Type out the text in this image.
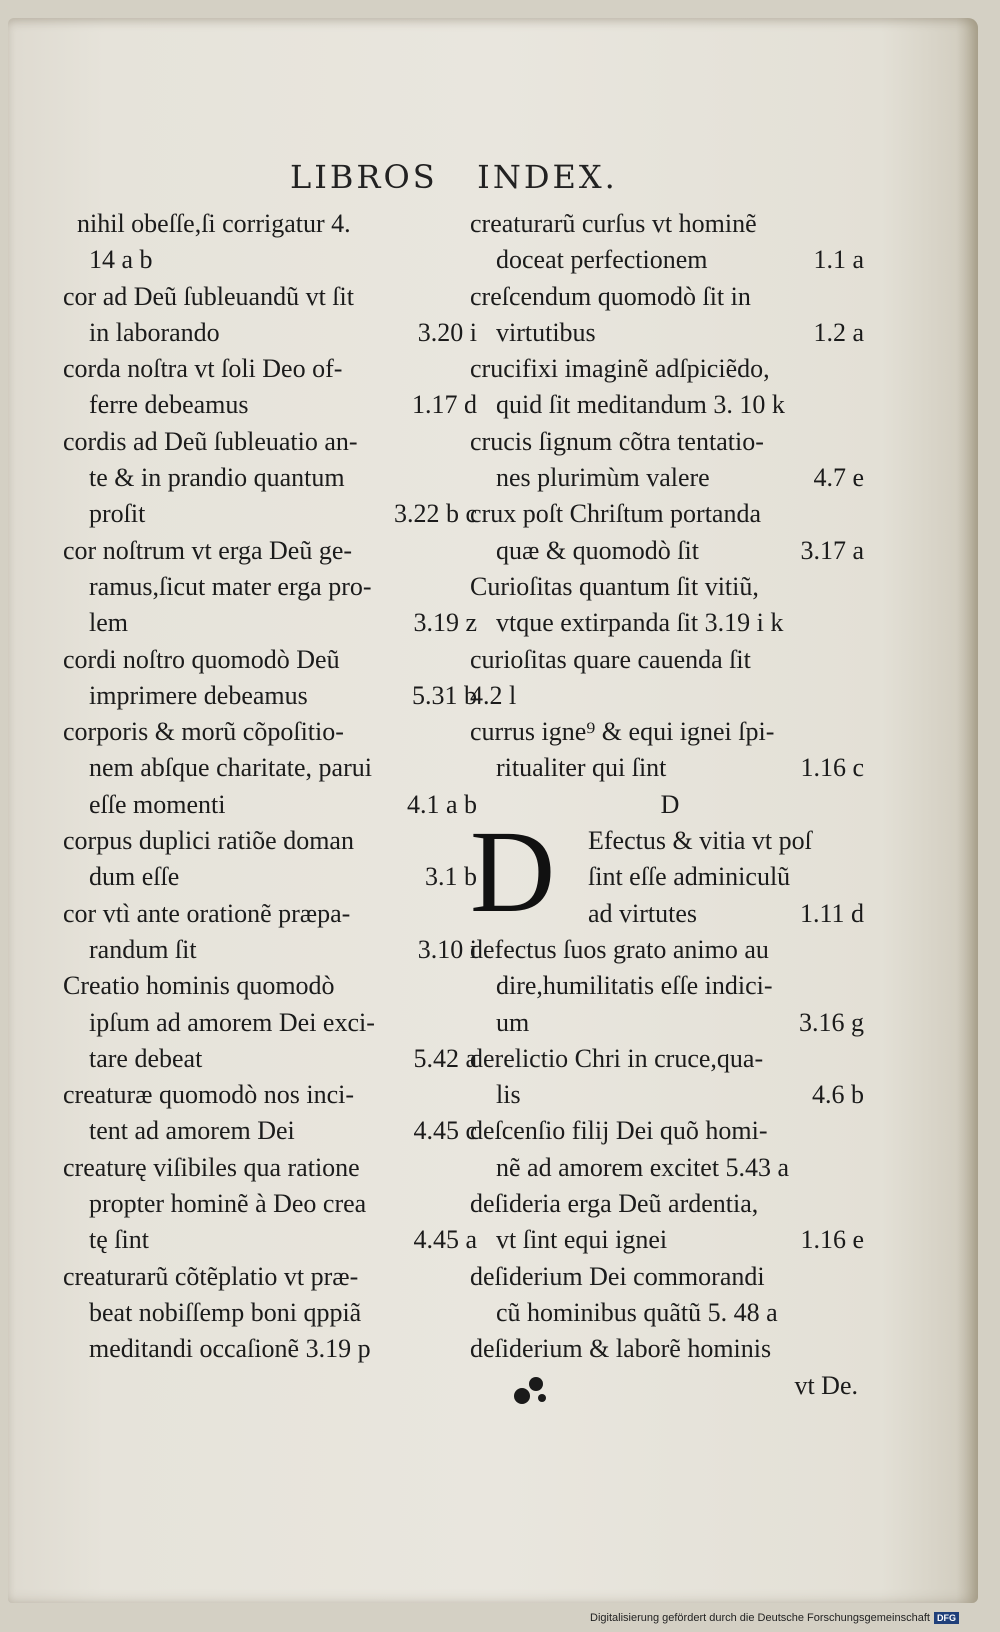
LIBROS   INDEX.
nihil obeſſe,ſi corrigatur 4.
14 a b
cor ad Deũ ſubleuandũ vt ſit
in laborando	3.20 i
corda noſtra vt ſoli Deo of-
ferre debeamus	1.17 d
cordis ad Deũ ſubleuatio an-
te & in prandio quantum
proſit	3.22 b c
cor noſtrum vt erga Deũ ge-
ramus,ſicut mater erga pro-
lem	3.19 z
cordi noſtro quomodò Deũ
imprimere debeamus	5.31 b
corporis & morũ cõpoſitio-
nem abſque charitate, parui
eſſe momenti	4.1 a b
corpus duplici ratiõe doman
dum eſſe	3.1 b
cor vtì ante orationẽ præpa-
randum ſit	3.10 i
Creatio hominis quomodò
ipſum ad amorem Dei exci-
tare debeat	5.42 a
creaturæ quomodò nos inci-
tent ad amorem Dei	4.45 c
creaturę viſibiles qua ratione
propter hominẽ à Deo crea
tę ſint	4.45 a
creaturarũ cõtẽplatio vt præ-
beat nobiſſemp boni qppiã
meditandi occaſionẽ 3.19 p
creaturarũ curſus vt hominẽ
doceat perfectionem	1.1 a
creſcendum quomodò ſit in
virtutibus	1.2 a
crucifixi imaginẽ adſpiciẽdo,
quid ſit meditandum 3. 10 k
crucis ſignum cõtra tentatio-
nes plurimùm valere	4.7 e
crux poſt Chriſtum portanda
quæ & quomodò ſit	3.17 a
Curioſitas quantum ſit vitiũ,
vtque extirpanda ſit 3.19 i k
curioſitas quare cauenda ſit
4.2 l
currus igne⁹ & equi ignei ſpi-
ritualiter qui ſint	1.16 c
D
Efectus & vitia vt poſ
ſint eſſe adminiculũ
ad virtutes	1.11 d
defectus ſuos grato animo au
dire,humilitatis eſſe indici-
um	3.16 g
derelictio Chri in cruce,qua-
lis	4.6 b
deſcenſio filij Dei quõ homi-
nẽ ad amorem excitet 5.43 a
deſideria erga Deũ ardentia,
vt ſint equi ignei	1.16 e
deſiderium Dei commorandi
cũ hominibus quãtũ 5. 48 a
deſiderium & laborẽ hominis
vt De.
D
Digitalisierung gefördert durch die Deutsche Forschungsgemeinschaft DFG
